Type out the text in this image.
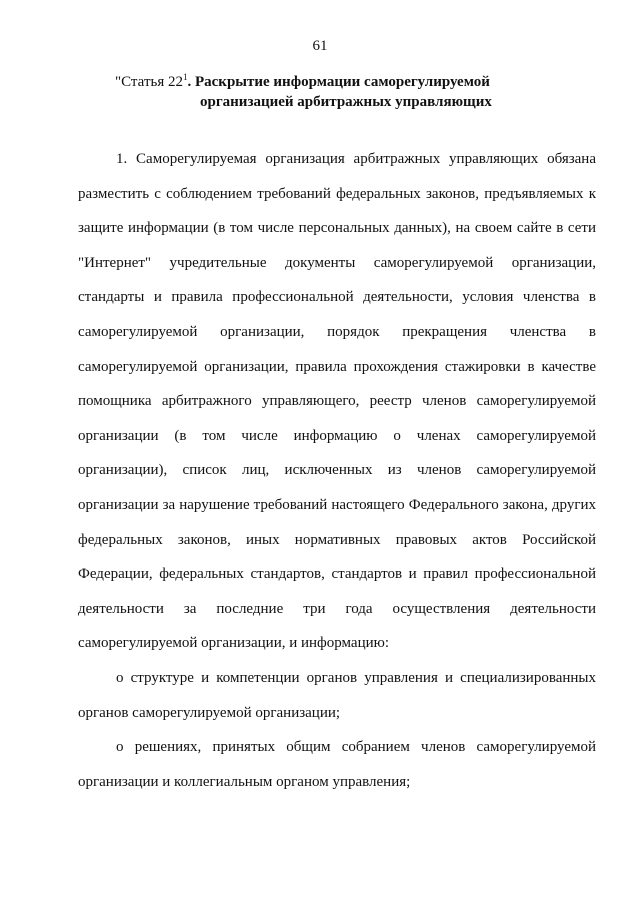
61
"Статья $22^1$. Раскрытие информации саморегулируемой
организацией арбитражных управляющих

1. Саморегулируемая организация арбитражных управляющих обязана разместить с соблюдением требований федеральных законов, предъявляемых к защите информации (в том числе персональных данных), на своем сайте в сети "Интернет" учредительные документы саморегулируемой организации, стандарты и правила профессиональной деятельности, условия членства в саморегулируемой организации, порядок прекращения членства в саморегулируемой организации, правила прохождения стажировки в качестве помощника арбитражного управляющего, реестр членов саморегулируемой организации (в том числе информацию о членах саморегулируемой организации), список лиц, исключенных из членов саморегулируемой организации за нарушение требований настоящего Федерального закона, других федеральных законов, иных нормативных правовых актов Российской Федерации, федеральных стандартов, стандартов и правил профессиональной деятельности за последние три года осуществления деятельности саморегулируемой организации, и информацию:

о структуре и компетенции органов управления и специализированных органов саморегулируемой организации;

о решениях, принятых общим собранием членов саморегулируемой организации и коллегиальным органом управления;
